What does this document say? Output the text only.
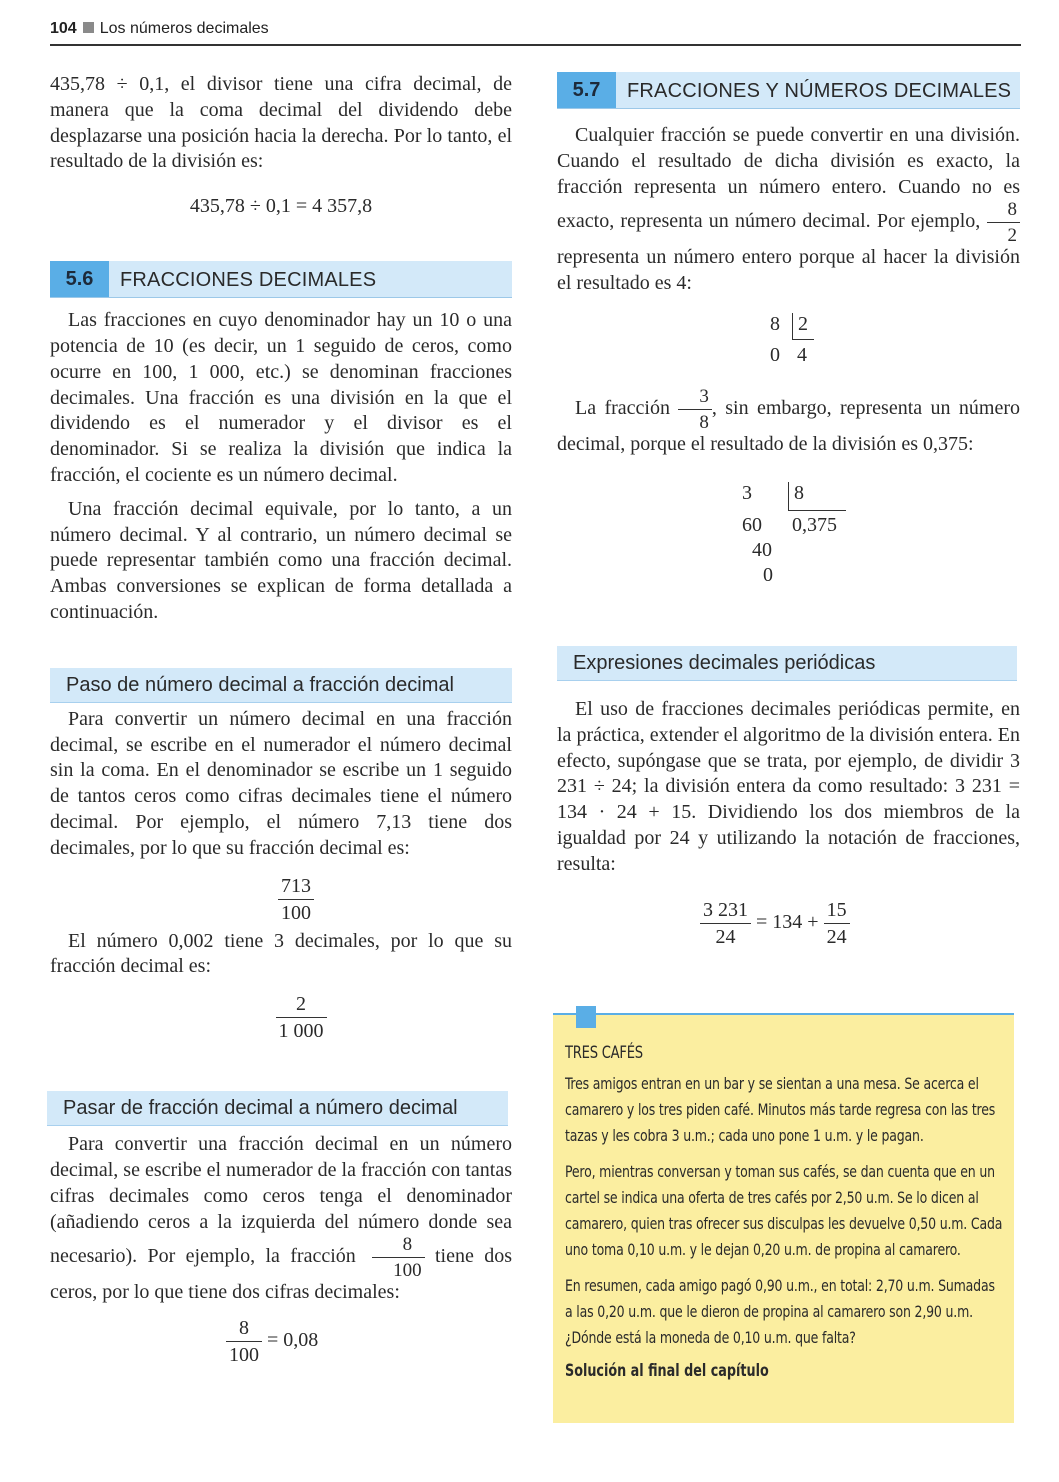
104 Los números decimales

435,78 ÷ 0,1, el divisor tiene una cifra decimal, de manera que la coma decimal del dividendo debe desplazarse una posición hacia la derecha. Por lo tanto, el resultado de la división es:

435,78 ÷ 0,1 = 4 357,8
5.6	FRACCIONES DECIMALES

Las fracciones en cuyo denominador hay un 10 o una potencia de 10 (es decir, un 1 seguido de ceros, como ocurre en 100, 1 000, etc.) se denominan fracciones decimales. Una fracción es una división en la que el dividendo es el numerador y el divisor es el denominador. Si se realiza la división que indica la fracción, el cociente es un número decimal.

Una fracción decimal equivale, por lo tanto, a un número decimal. Y al contrario, un número decimal se puede representar también como una fracción decimal. Ambas conversiones se explican de forma detallada a continuación.

Paso de número decimal a fracción decimal

Para convertir un número decimal en una fracción decimal, se escribe en el numerador el número decimal sin la coma. En el denominador se escribe un 1 seguido de tantos ceros como cifras decimales tiene el número decimal. Por ejemplo, el número 7,13 tiene dos decimales, por lo que su fracción decimal es:

$\frac{713}{100}$

El número 0,002 tiene 3 decimales, por lo que su fracción decimal es:

$\frac{2}{1 000}$
Pasar de fracción decimal a número decimal

Para convertir una fracción decimal en un número decimal, se escribe el numerador de la fracción con tantas cifras decimales como ceros tenga el denominador (añadiendo ceros a la izquierda del número donde sea necesario). Por ejemplo, la fracción $\frac{8}{100}$ tiene dos ceros, por lo que tiene dos cifras decimales:

$\frac{8}{100} = 0,08$
5.7	FRACCIONES Y NÚMEROS DECIMALES

Cualquier fracción se puede convertir en una división. Cuando el resultado de dicha división es exacto, la fracción representa un número entero. Cuando no es exacto, representa un número decimal. Por ejemplo, $\frac{8}{2}$
representa un número entero porque al hacer la división el resultado es 4:

8 2
0 4

La fracción $\frac{3}{8}$ , sin embargo, representa un número decimal, porque el resultado de la división es 0,375:

3 8
60 0,375
40
0
Expresiones decimales periódicas

El uso de fracciones decimales periódicas permite, en la práctica, extender el algoritmo de la división entera. En efecto, supóngase que se trata, por ejemplo, de dividir 3 231 ÷ 24; la división entera da como resultado: 3 231 = 134 · 24 + 15. Dividiendo los dos miembros de la igualdad por 24 y utilizando la notación de fracciones, resulta:

$\frac{3 231}{24} = 134 + \frac{15}{24}$
TRES CAFÉS

Tres amigos entran en un bar y se sientan a una mesa. Se acerca el camarero y los tres piden café. Minutos más tarde regresa con las tres tazas y les cobra 3 u.m.; cada uno pone 1 u.m. y le pagan.

Pero, mientras conversan y toman sus cafés, se dan cuenta que en un cartel se indica una oferta de tres cafés por 2,50 u.m. Se lo dicen al camarero, quien tras ofrecer sus disculpas les devuelve 0,50 u.m. Cada uno toma 0,10 u.m. y le dejan 0,20 u.m. de propina al camarero.

En resumen, cada amigo pagó 0,90 u.m., en total: 2,70 u.m. Sumadas a las 0,20 u.m. que le dieron de propina al camarero son 2,90 u.m. ¿Dónde está la moneda de 0,10 u.m. que falta?

Solución al final del capítulo
